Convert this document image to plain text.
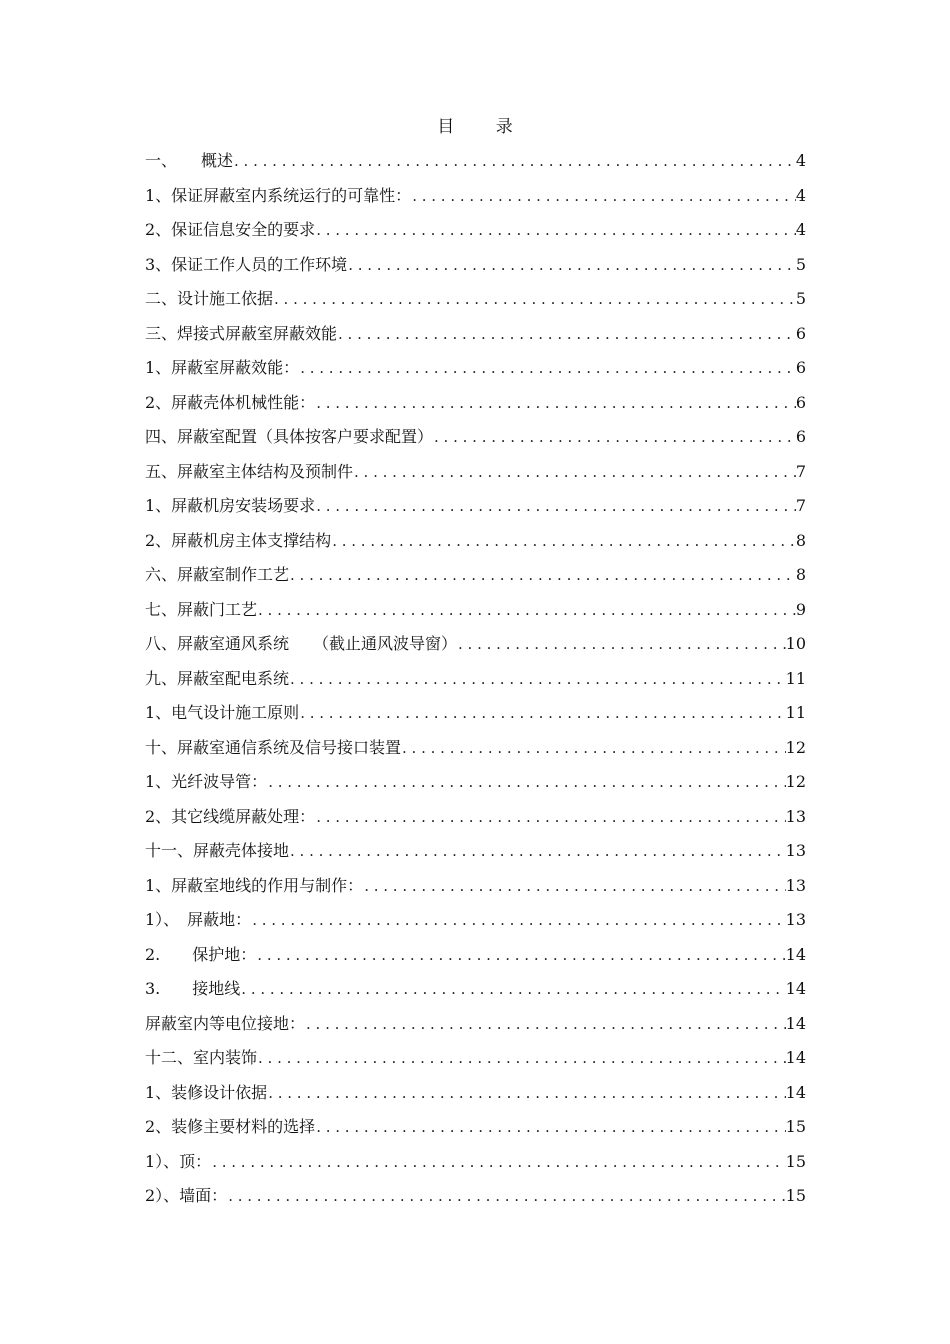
目 录
一、　　概述 . . .	4
1、保证屏蔽室内系统运行的可靠性： . . .	4
2、保证信息安全的要求 . . .	4
3、保证工作人员的工作环境 . . .	5
二、设计施工依据 . . .	5
三、焊接式屏蔽室屏蔽效能 . . .	6
1、屏蔽室屏蔽效能： . . .	6
2、屏蔽壳体机械性能： . . .	6
四、屏蔽室配置（具体按客户要求配置） . . .	6
五、屏蔽室主体结构及预制件 . . .	7
1、屏蔽机房安装场要求 . . .	7
2、屏蔽机房主体支撑结构 . . .	8
六、屏蔽室制作工艺 . . .	8
七、屏蔽门工艺 . . .	9
八、屏蔽室通风系统　　（截止通风波导窗） . . .	10
九、屏蔽室配电系统 . . .	11
1、电气设计施工原则 . . .	11
十、屏蔽室通信系统及信号接口装置 . . .	12
1、光纤波导管： . . .	12
2、其它线缆屏蔽处理： . . .	13
十一、屏蔽壳体接地 . . .	13
1、屏蔽室地线的作用与制作： . . .	13
1）、　屏蔽地： . . .	13
2.　　保护地： . . .	14
3.　　接地线 . . .	14
屏蔽室内等电位接地： . . .	14
十二、室内装饰 . . .	14
1、装修设计依据 . . .	14
2、装修主要材料的选择 . . .	15
1）、顶： . . .	15
2）、墙面： . . .	15
